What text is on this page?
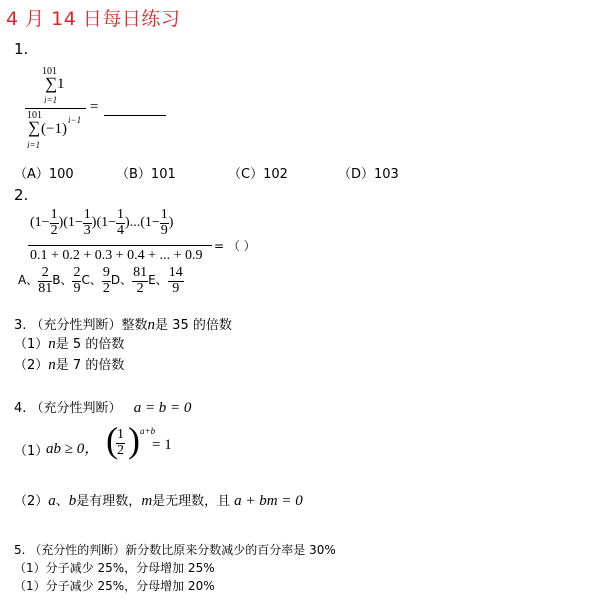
4 月 14 日每日练习
1.
101
∑ 1
i=1 =
101
∑ (−1)
i−1
i=1
（A）100	（B）101	（C）102	（D）103
2.
$(1- \frac{1}{2} )(1- \frac{1}{3} )(1- \frac{1}{4} )...(1- \frac{1}{9}$ )
0.1 + 0.2 + 0.3 + 0.4 + ... + 0.9
= （ ）
A、 $\frac{2}{81}$ B、 $\frac{2}{9}$ C、 $\frac{9}{2}$ D、 $\frac{81}{2}$ E、 $\frac{14}{9}$
3. （充分性判断）整数n是 35 的倍数
（1）n是 5 的倍数
（2）n是 7 的倍数
4. （充分性判断） a = b = 0
（1）
ab ≥ 0， (
$\frac{1}{2}$ ) a+b
= 1
（2）a、b是有理数，m是无理数，且 a + bm = 0
5. （充分性的判断）新分数比原来分数减少的百分率是 30%
（1）分子减少 25%，分母增加 25%
（1）分子减少 25%，分母增加 20%
